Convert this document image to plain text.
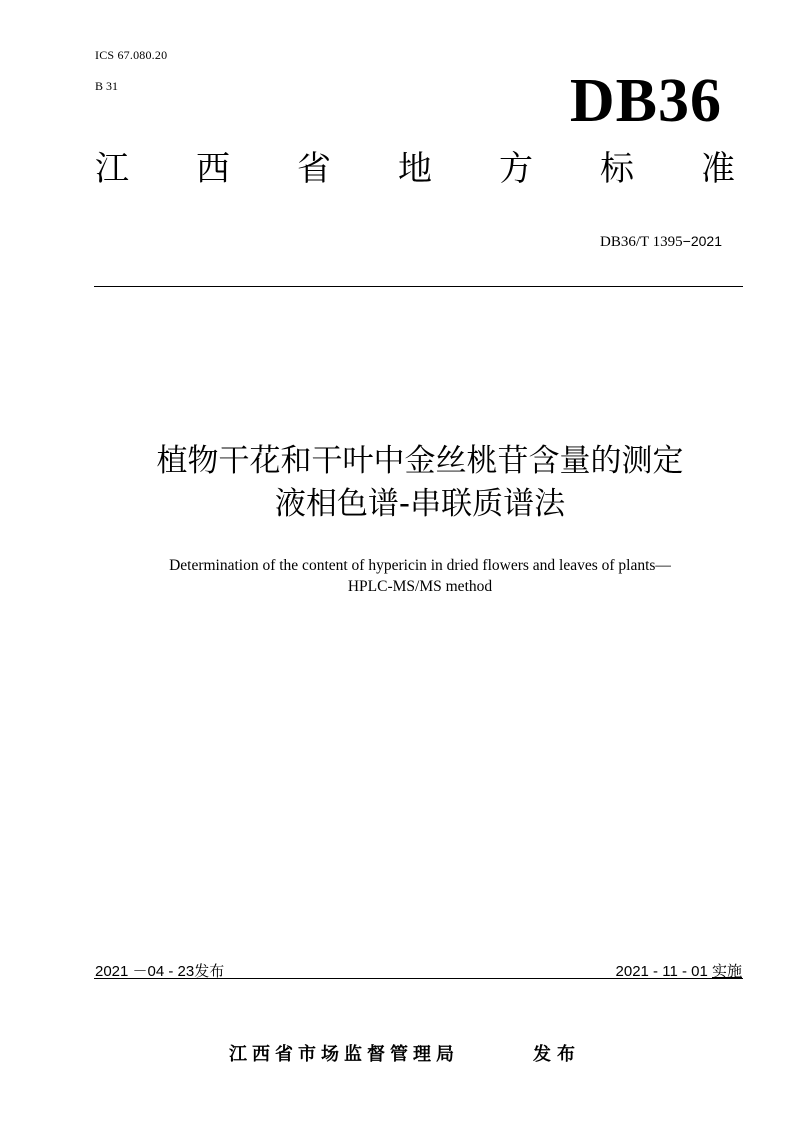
ICS 67.080.20
B 31	DB36
江 西 省 地 方 标 准
DB36/T 1395−2021
植物干花和干叶中金丝桃苷含量的测定
液相色谱-串联质谱法
Determination of the content of hypericin in dried flowers and leaves of plants—
HPLC-MS/MS method
2021 －04 - 23发布	2021 - 11 - 01 实施
江西省市场监督管理局	发布
